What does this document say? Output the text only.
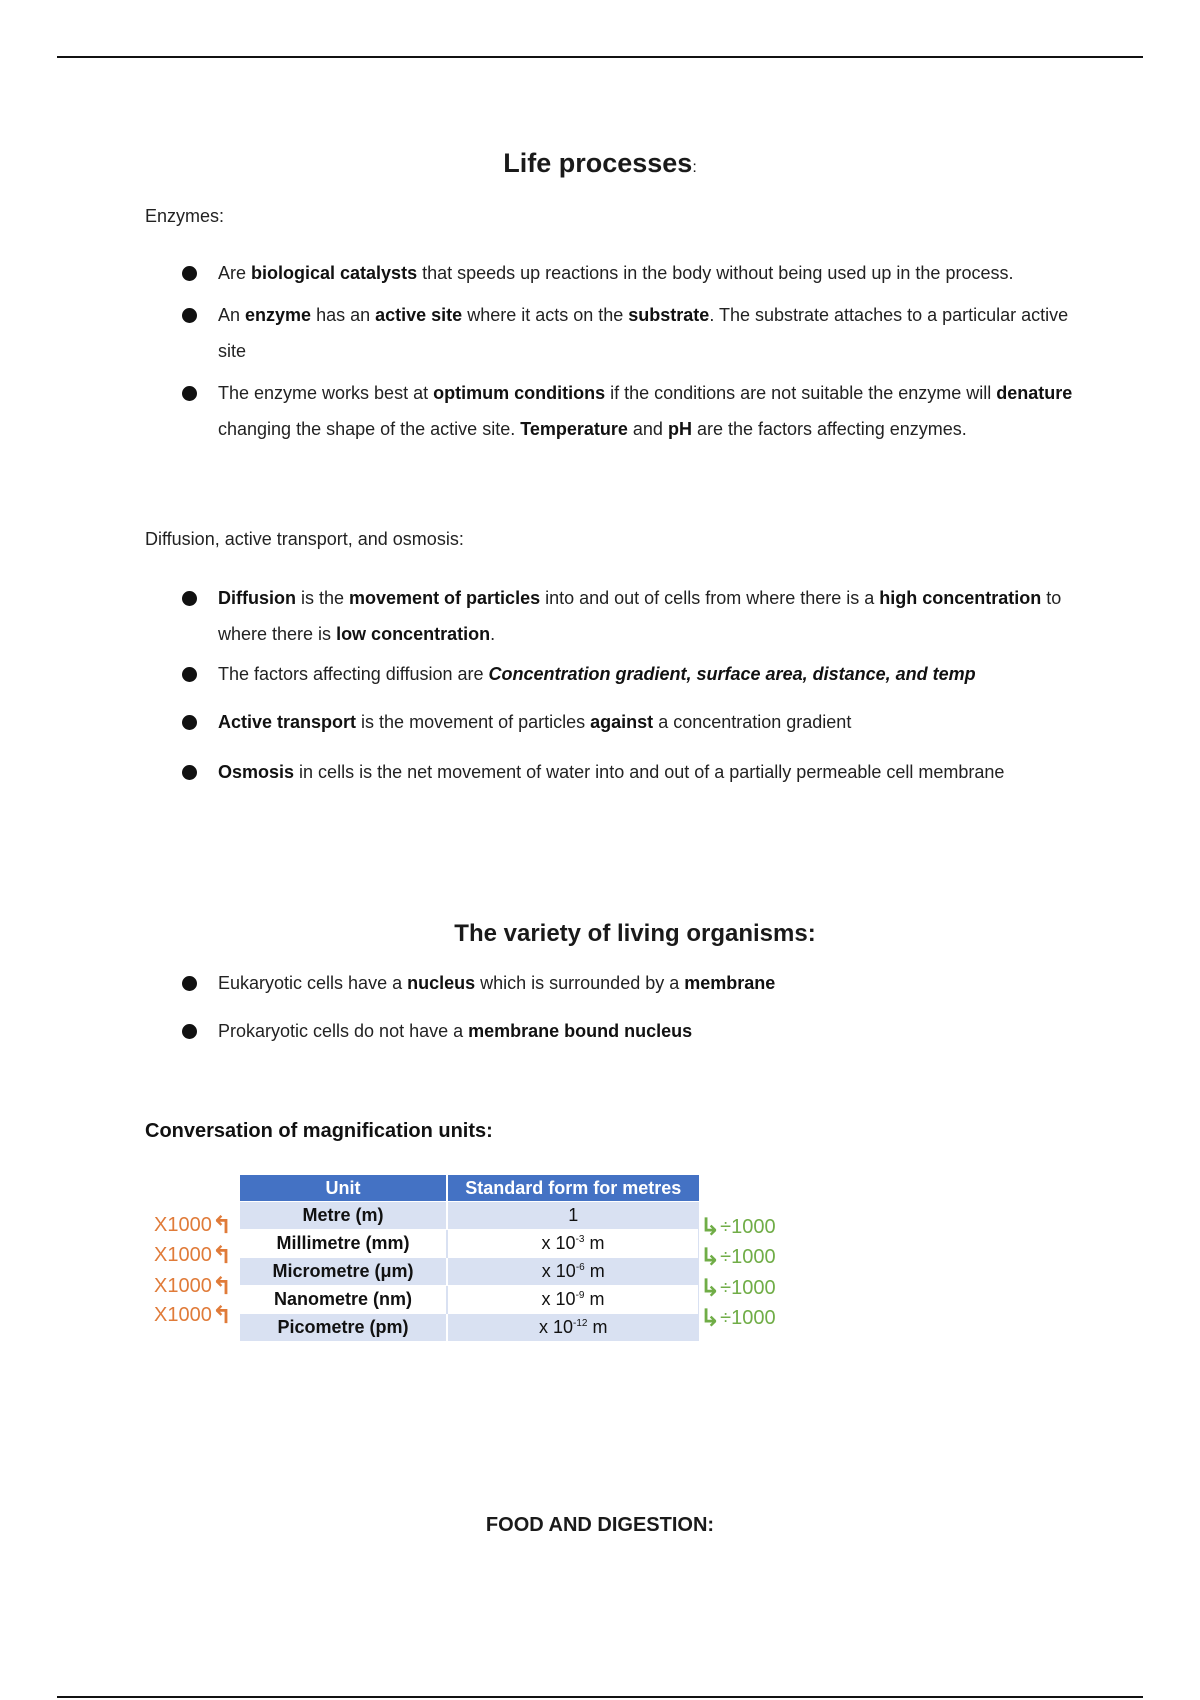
Life processes:
Enzymes:
Are biological catalysts that speeds up reactions in the body without being used up in the process.
An enzyme has an active site where it acts on the substrate. The substrate attaches to a particular active site
The enzyme works best at optimum conditions if the conditions are not suitable the enzyme will denature changing the shape of the active site. Temperature and pH are the factors affecting enzymes.
Diffusion, active transport, and osmosis:
Diffusion is the movement of particles into and out of cells from where there is a high concentration to where there is low concentration.
The factors affecting diffusion are Concentration gradient, surface area, distance, and temp
Active transport is the movement of particles against a concentration gradient
Osmosis in cells is the net movement of water into and out of a partially permeable cell membrane
The variety of living organisms:
Eukaryotic cells have a nucleus which is surrounded by a membrane
Prokaryotic cells do not have a membrane bound nucleus
Conversation of magnification units:
Unit	Standard form for metres
Metre (m)	1
Millimetre (mm)	x $10^{-3}$ m
Micrometre (μm)	x $10^{-6}$ m
Nanometre (nm)	x $10^{-9}$ m
Picometre (pm)	x $10^{-12}$ m
X1000↰
X1000↰
X1000↰
X1000↰
↳÷1000
↳÷1000
↳÷1000
↳÷1000
FOOD AND DIGESTION:
